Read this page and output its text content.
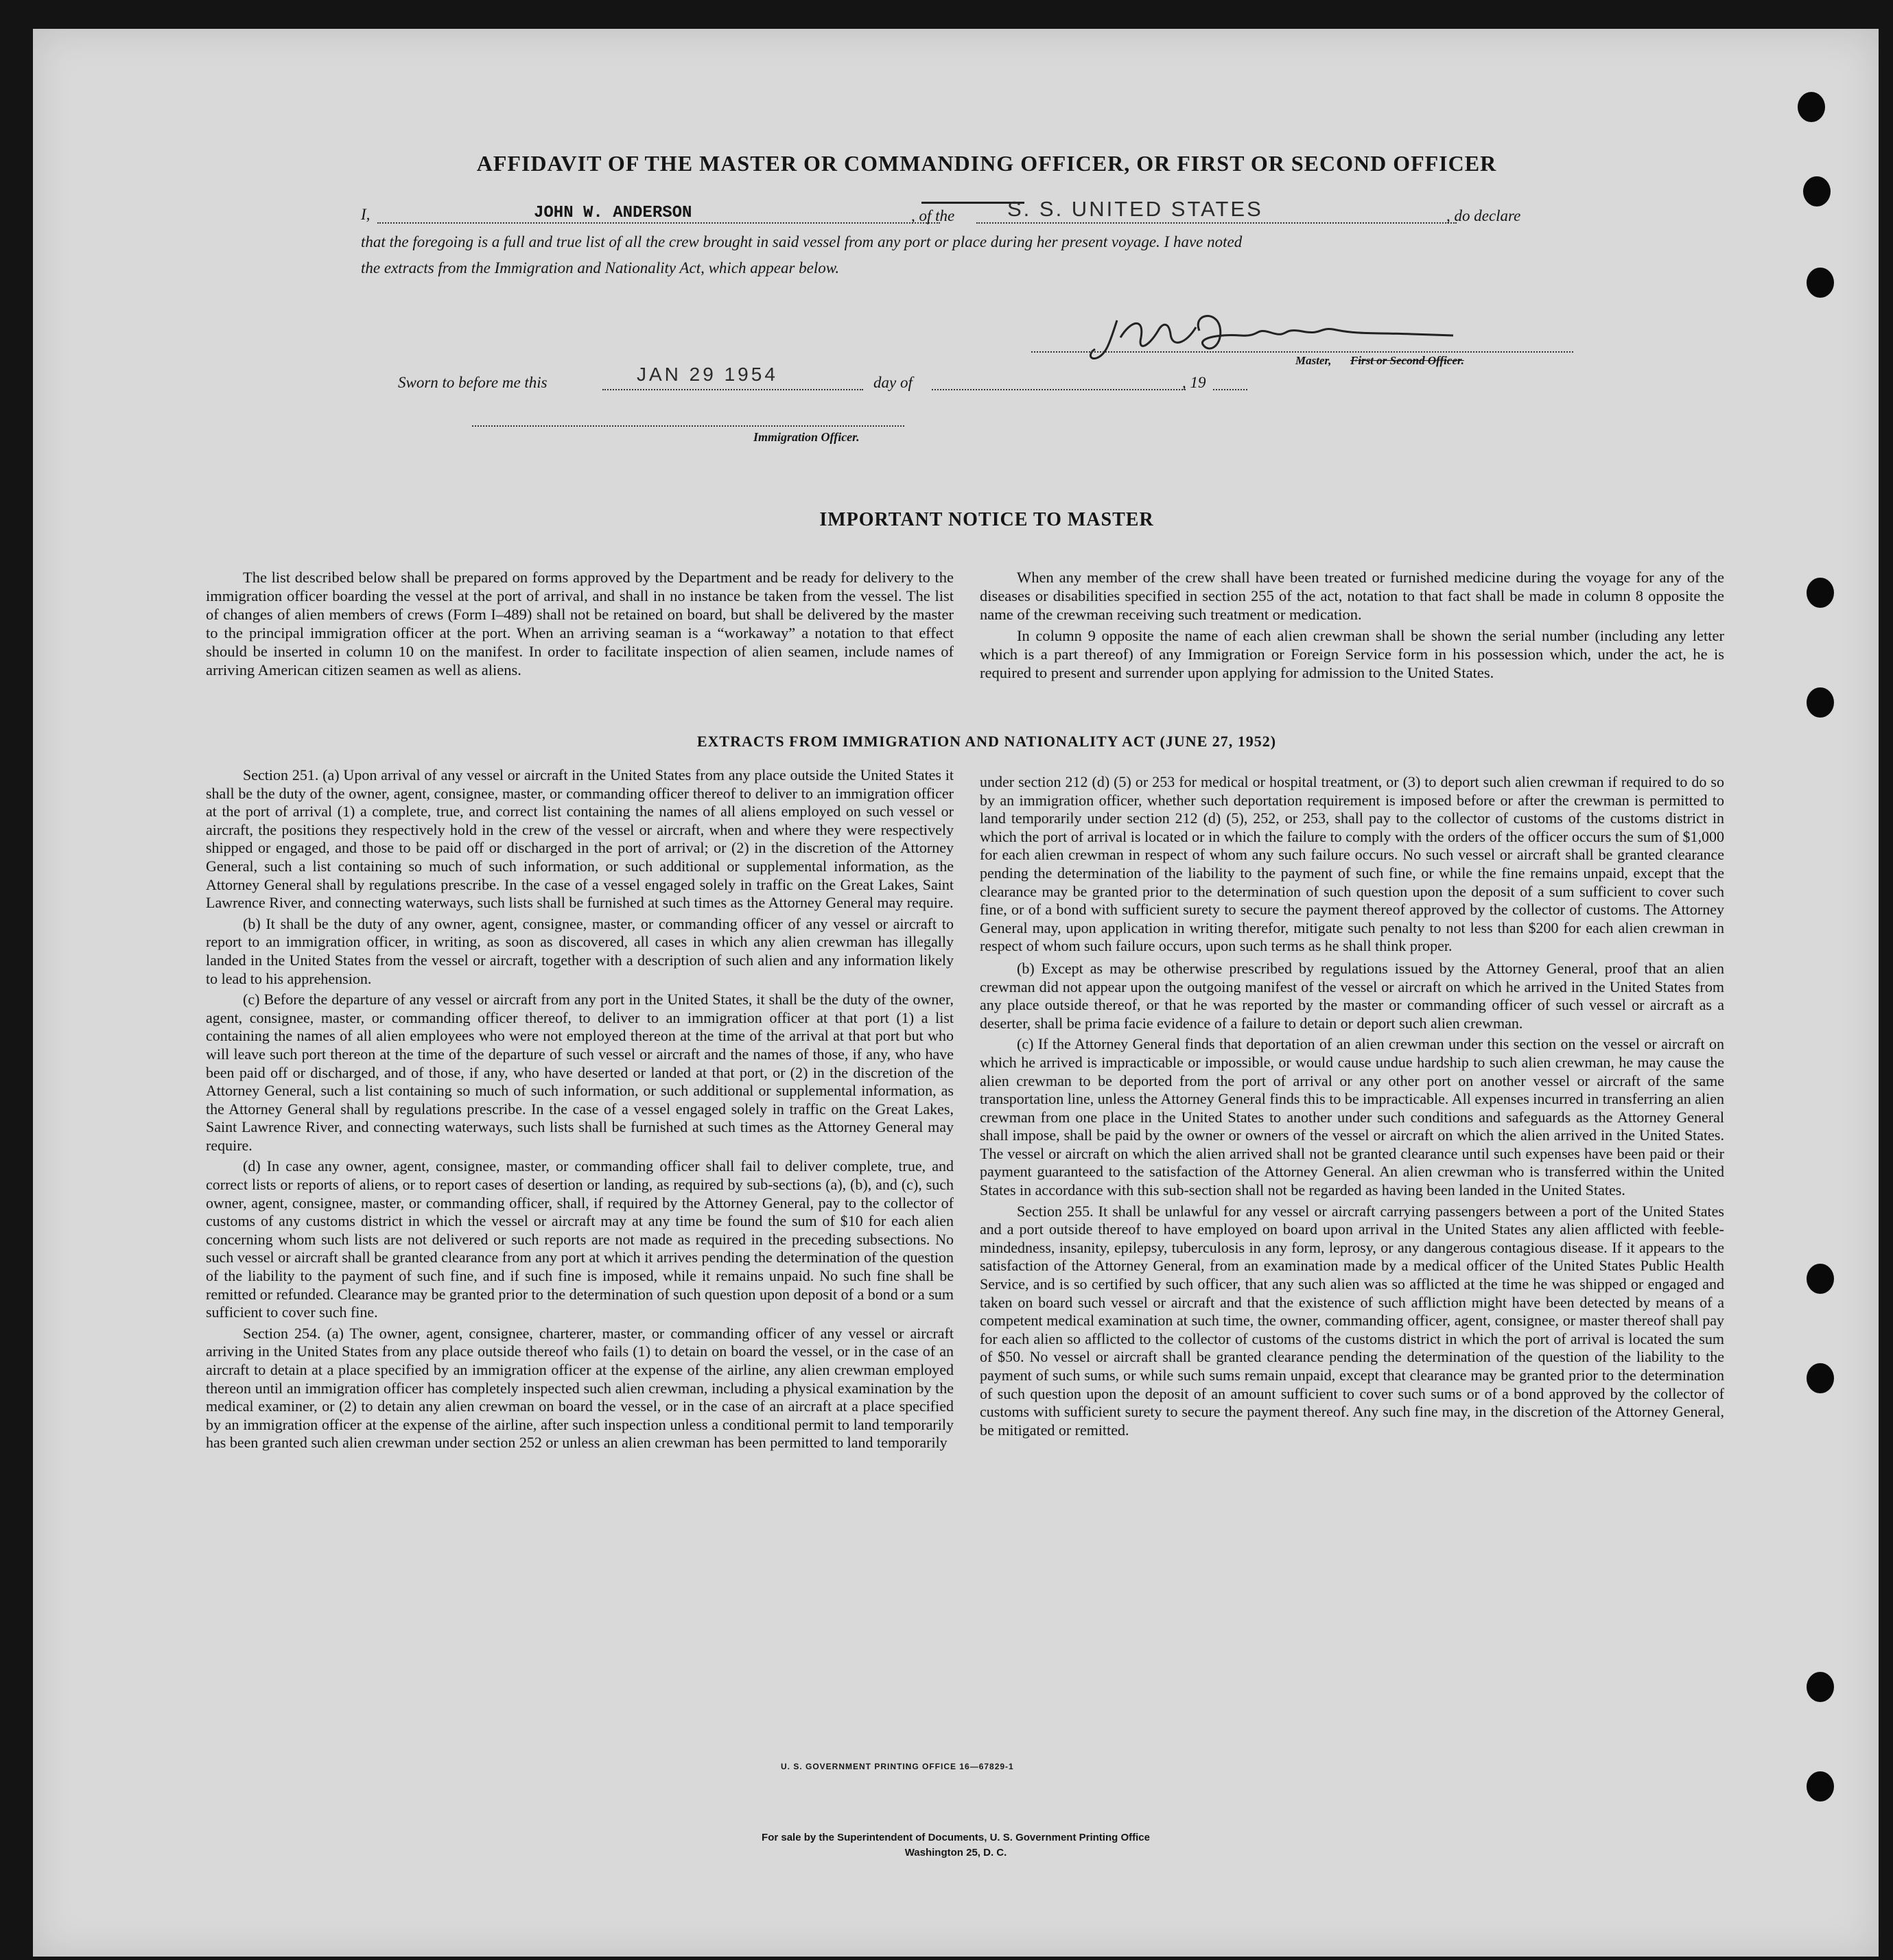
AFFIDAVIT OF THE MASTER OR COMMANDING OFFICER, OR FIRST OR SECOND OFFICER
I,	JOHN W. ANDERSON	, of the S. S. UNITED STATES	, do declare
that the foregoing is a full and true list of all the crew brought in said vessel from any port or place during her present voyage. I have noted
the extracts from the Immigration and Nationality Act, which appear below.
Master, First or Second Officer.
Sworn to before me this	JAN 29 1954	day of	, 19
Immigration Officer.
IMPORTANT NOTICE TO MASTER

The list described below shall be prepared on forms approved by the Department and be ready for delivery to the immigration officer boarding the vessel at the port of arrival, and shall in no instance be taken from the vessel. The list of changes of alien members of crews (Form I–489) shall not be retained on board, but shall be delivered by the master to the principal immigration officer at the port. When an arriving seaman is a “workaway” a notation to that effect should be inserted in column 10 on the manifest. In order to facilitate inspection of alien seamen, include names of arriving American citizen seamen as well as aliens.

When any member of the crew shall have been treated or furnished medicine during the voyage for any of the diseases or disabilities specified in section 255 of the act, notation to that fact shall be made in column 8 opposite the name of the crewman receiving such treatment or medication.

In column 9 opposite the name of each alien crewman shall be shown the serial number (including any letter which is a part thereof) of any Immigration or Foreign Service form in his possession which, under the act, he is required to present and surrender upon applying for admission to the United States.

EXTRACTS FROM IMMIGRATION AND NATIONALITY ACT (JUNE 27, 1952)

Section 251. (a) Upon arrival of any vessel or aircraft in the United States from any place outside the United States it shall be the duty of the owner, agent, consignee, master, or commanding officer thereof to deliver to an immigration officer at the port of arrival (1) a complete, true, and correct list containing the names of all aliens employed on such vessel or aircraft, the positions they respectively hold in the crew of the vessel or aircraft, when and where they were respectively shipped or engaged, and those to be paid off or discharged in the port of arrival; or (2) in the discretion of the Attorney General, such a list containing so much of such information, or such additional or supplemental information, as the Attorney General shall by regulations prescribe. In the case of a vessel engaged solely in traffic on the Great Lakes, Saint Lawrence River, and connecting waterways, such lists shall be furnished at such times as the Attorney General may require.

(b) It shall be the duty of any owner, agent, consignee, master, or commanding officer of any vessel or aircraft to report to an immigration officer, in writing, as soon as discovered, all cases in which any alien crewman has illegally landed in the United States from the vessel or aircraft, together with a description of such alien and any information likely to lead to his apprehension.

(c) Before the departure of any vessel or aircraft from any port in the United States, it shall be the duty of the owner, agent, consignee, master, or commanding officer thereof, to deliver to an immigration officer at that port (1) a list containing the names of all alien employees who were not employed thereon at the time of the arrival at that port but who will leave such port thereon at the time of the departure of such vessel or aircraft and the names of those, if any, who have been paid off or discharged, and of those, if any, who have deserted or landed at that port, or (2) in the discretion of the Attorney General, such a list containing so much of such information, or such additional or supplemental information, as the Attorney General shall by regulations prescribe. In the case of a vessel engaged solely in traffic on the Great Lakes, Saint Lawrence River, and connecting waterways, such lists shall be furnished at such times as the Attorney General may require.

(d) In case any owner, agent, consignee, master, or commanding officer shall fail to deliver complete, true, and correct lists or reports of aliens, or to report cases of desertion or landing, as required by sub-sections (a), (b), and (c), such owner, agent, consignee, master, or commanding officer, shall, if required by the Attorney General, pay to the collector of customs of any customs district in which the vessel or aircraft may at any time be found the sum of $10 for each alien concerning whom such lists are not delivered or such reports are not made as required in the preceding subsections. No such vessel or aircraft shall be granted clearance from any port at which it arrives pending the determination of the question of the liability to the payment of such fine, and if such fine is imposed, while it remains unpaid. No such fine shall be remitted or refunded. Clearance may be granted prior to the determination of such question upon deposit of a bond or a sum sufficient to cover such fine.

Section 254. (a) The owner, agent, consignee, charterer, master, or commanding officer of any vessel or aircraft arriving in the United States from any place outside thereof who fails (1) to detain on board the vessel, or in the case of an aircraft to detain at a place specified by an immigration officer at the expense of the airline, any alien crewman employed thereon until an immigration officer has completely inspected such alien crewman, including a physical examination by the medical examiner, or (2) to detain any alien crewman on board the vessel, or in the case of an aircraft at a place specified by an immigration officer at the expense of the airline, after such inspection unless a conditional permit to land temporarily has been granted such alien crewman under section 252 or unless an alien crewman has been permitted to land temporarily

under section 212 (d) (5) or 253 for medical or hospital treatment, or (3) to deport such alien crewman if required to do so by an immigration officer, whether such deportation requirement is imposed before or after the crewman is permitted to land temporarily under section 212 (d) (5), 252, or 253, shall pay to the collector of customs of the customs district in which the port of arrival is located or in which the failure to comply with the orders of the officer occurs the sum of $1,000 for each alien crewman in respect of whom any such failure occurs. No such vessel or aircraft shall be granted clearance pending the determination of the liability to the payment of such fine, or while the fine remains unpaid, except that the clearance may be granted prior to the determination of such question upon the deposit of a sum sufficient to cover such fine, or of a bond with sufficient surety to secure the payment thereof approved by the collector of customs. The Attorney General may, upon application in writing therefor, mitigate such penalty to not less than $200 for each alien crewman in respect of whom such failure occurs, upon such terms as he shall think proper.

(b) Except as may be otherwise prescribed by regulations issued by the Attorney General, proof that an alien crewman did not appear upon the outgoing manifest of the vessel or aircraft on which he arrived in the United States from any place outside thereof, or that he was reported by the master or commanding officer of such vessel or aircraft as a deserter, shall be prima facie evidence of a failure to detain or deport such alien crewman.

(c) If the Attorney General finds that deportation of an alien crewman under this section on the vessel or aircraft on which he arrived is impracticable or impossible, or would cause undue hardship to such alien crewman, he may cause the alien crewman to be deported from the port of arrival or any other port on another vessel or aircraft of the same transportation line, unless the Attorney General finds this to be impracticable. All expenses incurred in transferring an alien crewman from one place in the United States to another under such conditions and safeguards as the Attorney General shall impose, shall be paid by the owner or owners of the vessel or aircraft on which the alien arrived in the United States. The vessel or aircraft on which the alien arrived shall not be granted clearance until such expenses have been paid or their payment guaranteed to the satisfaction of the Attorney General. An alien crewman who is transferred within the United States in accordance with this sub-section shall not be regarded as having been landed in the United States.

Section 255. It shall be unlawful for any vessel or aircraft carrying passengers between a port of the United States and a port outside thereof to have employed on board upon arrival in the United States any alien afflicted with feeble-mindedness, insanity, epilepsy, tuberculosis in any form, leprosy, or any dangerous contagious disease. If it appears to the satisfaction of the Attorney General, from an examination made by a medical officer of the United States Public Health Service, and is so certified by such officer, that any such alien was so afflicted at the time he was shipped or engaged and taken on board such vessel or aircraft and that the existence of such affliction might have been detected by means of a competent medical examination at such time, the owner, commanding officer, agent, consignee, or master thereof shall pay for each alien so afflicted to the collector of customs of the customs district in which the port of arrival is located the sum of $50. No vessel or aircraft shall be granted clearance pending the determination of the question of the liability to the payment of such sums, or while such sums remain unpaid, except that clearance may be granted prior to the determination of such question upon the deposit of an amount sufficient to cover such sums or of a bond approved by the collector of customs with sufficient surety to secure the payment thereof. Any such fine may, in the discretion of the Attorney General, be mitigated or remitted.

U. S. GOVERNMENT PRINTING OFFICE 16—67829-1
For sale by the Superintendent of Documents, U. S. Government Printing Office
Washington 25, D. C.
